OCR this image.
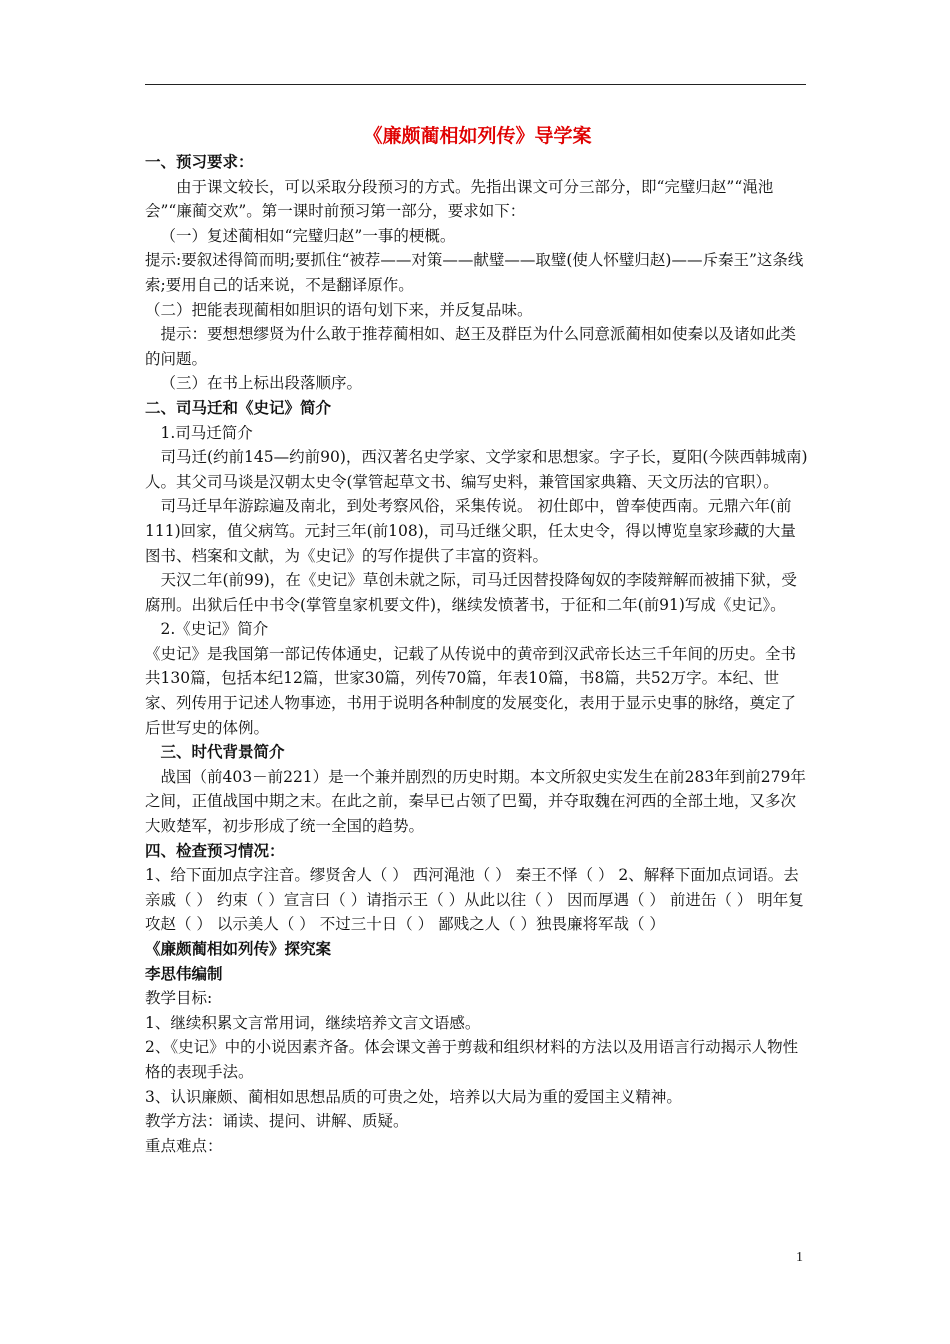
《廉颇蔺相如列传》导学案

一、预习要求：

由于课文较长，可以采取分段预习的方式。先指出课文可分三部分，即“完璧归赵”“渑池会”“廉蔺交欢”。第一课时前预习第一部分，要求如下：

（一）复述蔺相如“完璧归赵”一事的梗概。

提示:要叙述得简而明;要抓住“被荐——对策——献璧——取璧(使人怀璧归赵)——斥秦王”这条线索;要用自己的话来说，不是翻译原作。

（二）把能表现蔺相如胆识的语句划下来，并反复品味。

提示：要想想缪贤为什么敢于推荐蔺相如、赵王及群臣为什么同意派蔺相如使秦以及诸如此类的问题。

（三）在书上标出段落顺序。

二、司马迁和《史记》简介

1.司马迁简介

司马迁(约前145—约前90)，西汉著名史学家、文学家和思想家。字子长，夏阳(今陕西韩城南)人。其父司马谈是汉朝太史令(掌管起草文书、编写史料，兼管国家典籍、天文历法的官职）。

司马迁早年游踪遍及南北，到处考察风俗，采集传说。 初仕郎中，曾奉使西南。元鼎六年(前111)回家，值父病笃。元封三年(前108)，司马迁继父职，任太史令，得以博览皇家珍藏的大量图书、档案和文献，为《史记》的写作提供了丰富的资料。

天汉二年(前99)，在《史记》草创未就之际，司马迁因替投降匈奴的李陵辩解而被捕下狱，受腐刑。出狱后任中书令(掌管皇家机要文件)，继续发愤著书，于征和二年(前91)写成《史记》。

2.《史记》简介

《史记》是我国第一部记传体通史，记载了从传说中的黄帝到汉武帝长达三千年间的历史。全书共130篇，包括本纪12篇，世家30篇，列传70篇，年表10篇，书8篇，共52万字。本纪、世家、列传用于记述人物事迹，书用于说明各种制度的发展变化，表用于显示史事的脉络，奠定了后世写史的体例。

三、时代背景简介

战国（前403－前221）是一个兼并剧烈的历史时期。本文所叙史实发生在前283年到前279年之间，正值战国中期之末。在此之前，秦早已占领了巴蜀，并夺取魏在河西的全部土地，又多次大败楚军，初步形成了统一全国的趋势。

四、检查预习情况：

1、给下面加点字注音。缪贤舍人（ ） 西河渑池（ ） 秦王不怿（ ） 2、解释下面加点词语。去亲戚（ ） 约束（ ）宣言曰（ ）请指示王（ ）从此以往（ ） 因而厚遇（ ） 前进缶（ ） 明年复攻赵（ ） 以示美人（ ） 不过三十日（ ） 鄙贱之人（ ）独畏廉将军哉（ ）

《廉颇蔺相如列传》探究案

李思伟编制

教学目标:

1、继续积累文言常用词，继续培养文言文语感。

2、《史记》中的小说因素齐备。体会课文善于剪裁和组织材料的方法以及用语言行动揭示人物性格的表现手法。

3、认识廉颇、蔺相如思想品质的可贵之处，培养以大局为重的爱国主义精神。

教学方法：诵读、提问、讲解、质疑。

重点难点：

1
